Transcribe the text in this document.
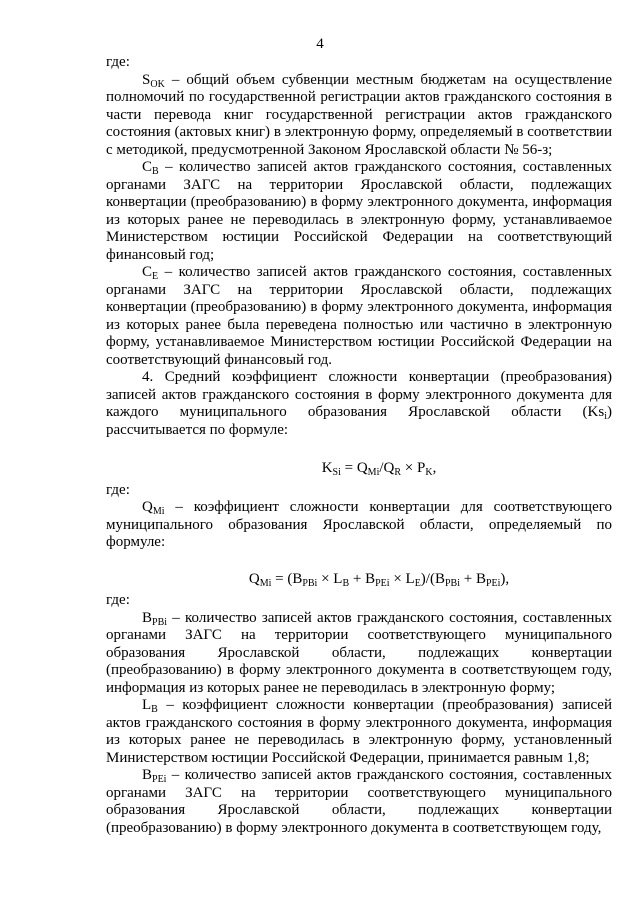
4

где:

$S_{OK}$ – общий объем субвенции местным бюджетам на осуществление полномочий по государственной регистрации актов гражданского состояния в части перевода книг государственной регистрации актов гражданского состояния (актовых книг) в электронную форму, определяемый в соответствии с методикой, предусмотренной Законом Ярославской области № 56-з;

$C_B$ – количество записей актов гражданского состояния, составленных органами ЗАГС на территории Ярославской области, подлежащих конвертации (преобразованию) в форму электронного документа, информация из которых ранее не переводилась в электронную форму, устанавливаемое Министерством юстиции Российской Федерации на соответствующий финансовый год;

$C_E$ – количество записей актов гражданского состояния, составленных органами ЗАГС на территории Ярославской области, подлежащих конвертации (преобразованию) в форму электронного документа, информация из которых ранее была переведена полностью или частично в электронную форму, устанавливаемое Министерством юстиции Российской Федерации на соответствующий финансовый год.

4. Средний коэффициент сложности конвертации (преобразования) записей актов гражданского состояния в форму электронного документа для каждого муниципального образования Ярославской области $(Ks_i)$ рассчитывается по формуле:

$K_{Si} = Q_{Mi}/Q_R \times P_K$,

где:

$Q_{Mi}$ – коэффициент сложности конвертации для соответствующего муниципального образования Ярославской области, определяемый по формуле:

$Q_{Mi} = (B_{PBi} \times L_B + B_{PEi} \times L_E)/(B_{PBi} + B_{PEi})$,

где:

$B_{PBi}$ – количество записей актов гражданского состояния, составленных органами ЗАГС на территории соответствующего муниципального образования Ярославской области, подлежащих конвертации (преобразованию) в форму электронного документа в соответствующем году, информация из которых ранее не переводилась в электронную форму;

$L_B$ – коэффициент сложности конвертации (преобразования) записей актов гражданского состояния в форму электронного документа, информация из которых ранее не переводилась в электронную форму, установленный Министерством юстиции Российской Федерации, принимается равным 1,8;

$B_{PEi}$ – количество записей актов гражданского состояния, составленных органами ЗАГС на территории соответствующего муниципального образования Ярославской области, подлежащих конвертации (преобразованию) в форму электронного документа в соответствующем году,
